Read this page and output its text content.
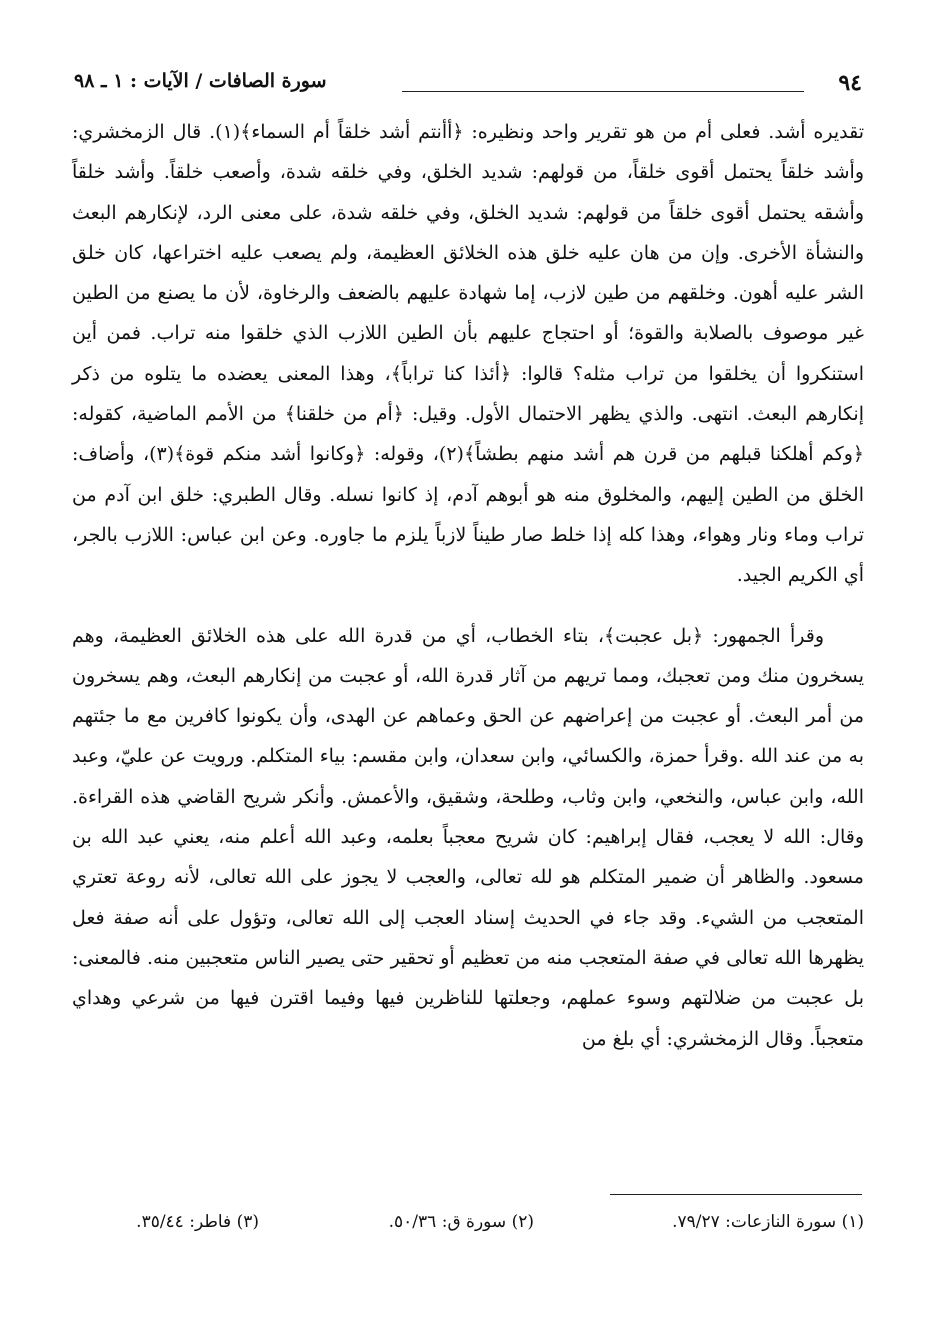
٩٤
سورة الصافات / الآيات : ١ ـ ٩٨

تقديره أشد. فعلى أم من هو تقرير واحد ونظيره: ﴿أأنتم أشد خلقاً أم السماء﴾(١). قال الزمخشري: وأشد خلقاً يحتمل أقوى خلقاً، من قولهم: شديد الخلق، وفي خلقه شدة، وأصعب خلقاً. وأشد خلقاً وأشقه يحتمل أقوى خلقاً من قولهم: شديد الخلق، وفي خلقه شدة، على معنى الرد، لإنكارهم البعث والنشأة الأخرى. وإن من هان عليه خلق هذه الخلائق العظيمة، ولم يصعب عليه اختراعها، كان خلق الشر عليه أهون. وخلقهم من طين لازب، إما شهادة عليهم بالضعف والرخاوة، لأن ما يصنع من الطين غير موصوف بالصلابة والقوة؛ أو احتجاج عليهم بأن الطين اللازب الذي خلقوا منه تراب. فمن أين استنكروا أن يخلقوا من تراب مثله؟ قالوا: ﴿أئذا كنا تراباً﴾، وهذا المعنى يعضده ما يتلوه من ذكر إنكارهم البعث. انتهى. والذي يظهر الاحتمال الأول. وقيل: ﴿أم من خلقنا﴾ من الأمم الماضية، كقوله: ﴿وكم أهلكنا قبلهم من قرن هم أشد منهم بطشاً﴾(٢)، وقوله: ﴿وكانوا أشد منكم قوة﴾(٣)، وأضاف: الخلق من الطين إليهم، والمخلوق منه هو أبوهم آدم، إذ كانوا نسله. وقال الطبري: خلق ابن آدم من تراب وماء ونار وهواء، وهذا كله إذا خلط صار طيناً لازباً يلزم ما جاوره. وعن ابن عباس: اللازب بالجر، أي الكريم الجيد.

وقرأ الجمهور: ﴿بل عجبت﴾، بتاء الخطاب، أي من قدرة الله على هذه الخلائق العظيمة، وهم يسخرون منك ومن تعجبك، ومما تريهم من آثار قدرة الله، أو عجبت من إنكارهم البعث، وهم يسخرون من أمر البعث. أو عجبت من إعراضهم عن الحق وعماهم عن الهدى، وأن يكونوا كافرين مع ما جئتهم به من عند الله .وقرأ حمزة، والكسائي، وابن سعدان، وابن مقسم: بياء المتكلم. ورويت عن عليّ، وعبد الله، وابن عباس، والنخعي، وابن وثاب، وطلحة، وشقيق، والأعمش. وأنكر شريح القاضي هذه القراءة. وقال: الله لا يعجب، فقال إبراهيم: كان شريح معجباً بعلمه، وعبد الله أعلم منه، يعني عبد الله بن مسعود. والظاهر أن ضمير المتكلم هو لله تعالى، والعجب لا يجوز على الله تعالى، لأنه روعة تعتري المتعجب من الشيء. وقد جاء في الحديث إسناد العجب إلى الله تعالى، وتؤول على أنه صفة فعل يظهرها الله تعالى في صفة المتعجب منه من تعظيم أو تحقير حتى يصير الناس متعجبين منه. فالمعنى: بل عجبت من ضلالتهم وسوء عملهم، وجعلتها للناظرين فيها وفيما اقترن فيها من شرعي وهداي متعجباً. وقال الزمخشري: أي بلغ من

(١) سورة النازعات: ٧٩/٢٧.
(٢) سورة ق: ٥٠/٣٦.
(٣) فاطر: ٣٥/٤٤.
